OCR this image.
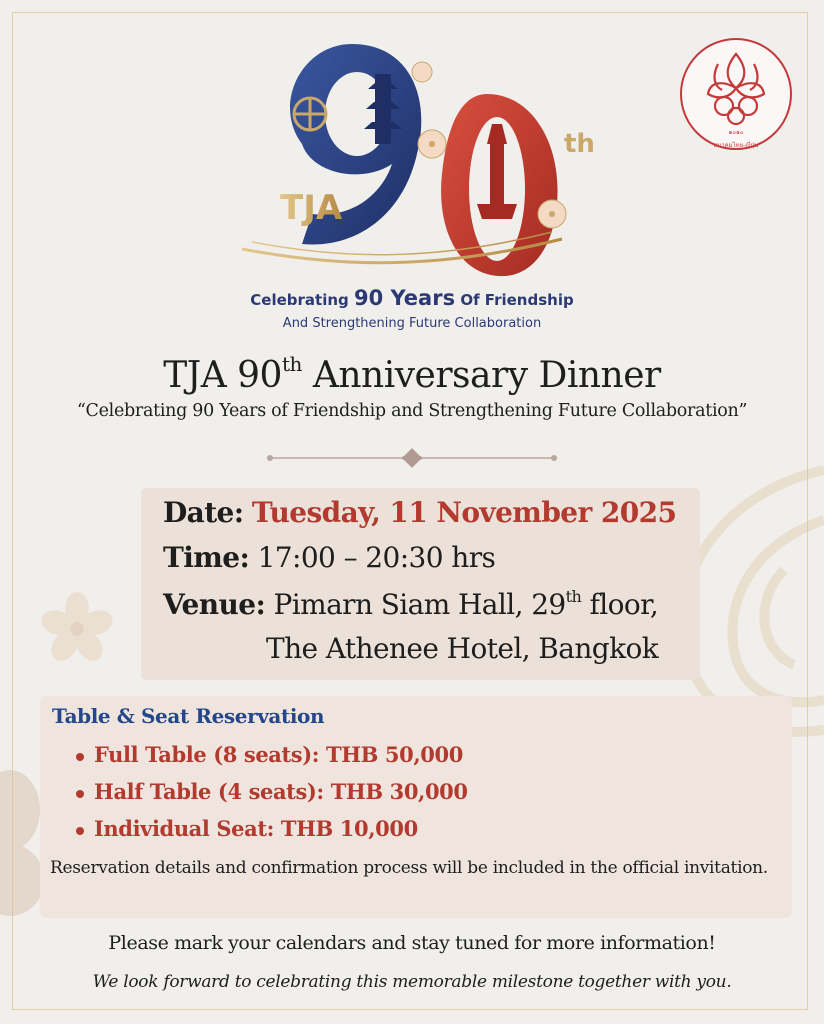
๑๐๑๐
สมาคมไทย-ญี่ปุ่น
th
TJA
Celebrating 90 Years Of Friendship
And Strengthening Future Collaboration
TJA 90th Anniversary Dinner
“Celebrating 90 Years of Friendship and Strengthening Future Collaboration”
Date: Tuesday, 11 November 2025
Time: 17:00 – 20:30 hrs
Venue: Pimarn Siam Hall, 29th floor,
The Athenee Hotel, Bangkok
Table & Seat Reservation
Full Table (8 seats): THB 50,000
Half Table (4 seats): THB 30,000
Individual Seat: THB 10,000
Reservation details and confirmation process will be included in the official invitation.
Please mark your calendars and stay tuned for more information!
We look forward to celebrating this memorable milestone together with you.
